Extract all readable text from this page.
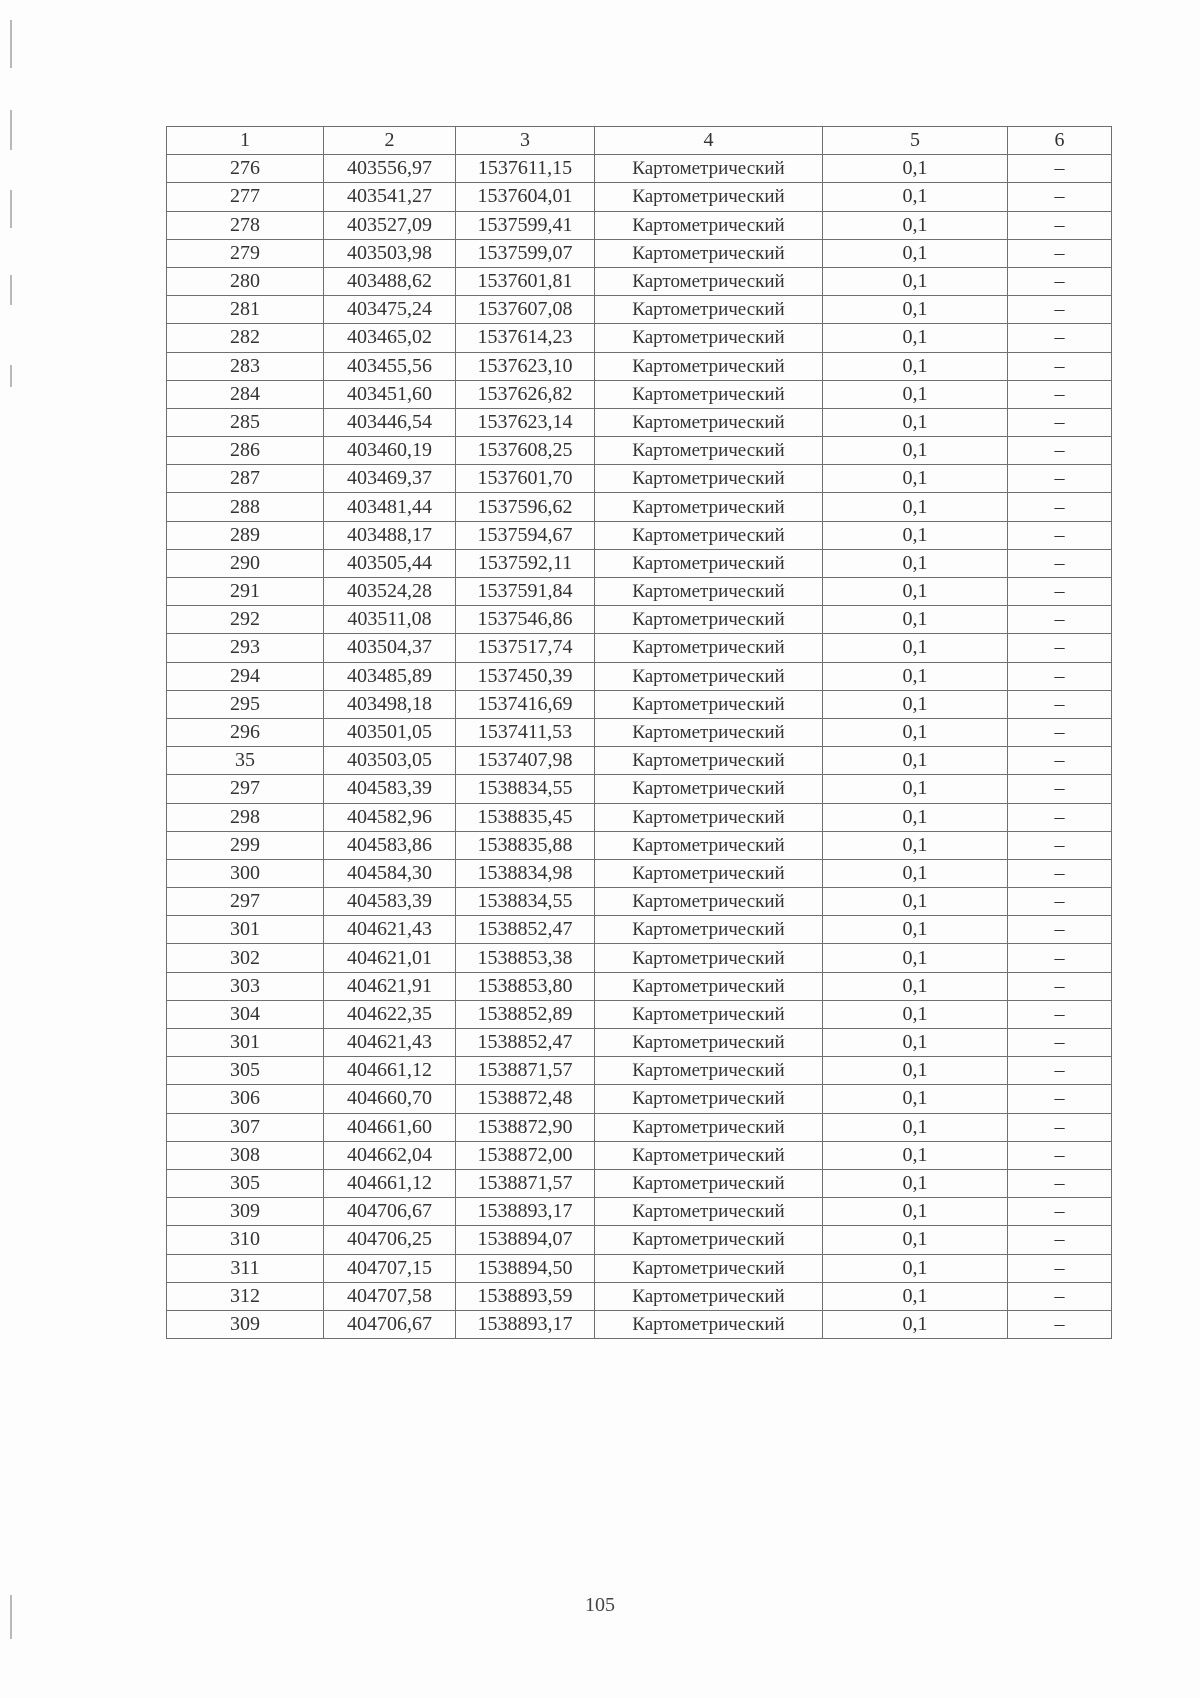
1	2	3	4	5	6
276	403556,97	1537611,15	Картометрический	0,1	–
277	403541,27	1537604,01	Картометрический	0,1	–
278	403527,09	1537599,41	Картометрический	0,1	–
279	403503,98	1537599,07	Картометрический	0,1	–
280	403488,62	1537601,81	Картометрический	0,1	–
281	403475,24	1537607,08	Картометрический	0,1	–
282	403465,02	1537614,23	Картометрический	0,1	–
283	403455,56	1537623,10	Картометрический	0,1	–
284	403451,60	1537626,82	Картометрический	0,1	–
285	403446,54	1537623,14	Картометрический	0,1	–
286	403460,19	1537608,25	Картометрический	0,1	–
287	403469,37	1537601,70	Картометрический	0,1	–
288	403481,44	1537596,62	Картометрический	0,1	–
289	403488,17	1537594,67	Картометрический	0,1	–
290	403505,44	1537592,11	Картометрический	0,1	–
291	403524,28	1537591,84	Картометрический	0,1	–
292	403511,08	1537546,86	Картометрический	0,1	–
293	403504,37	1537517,74	Картометрический	0,1	–
294	403485,89	1537450,39	Картометрический	0,1	–
295	403498,18	1537416,69	Картометрический	0,1	–
296	403501,05	1537411,53	Картометрический	0,1	–
35	403503,05	1537407,98	Картометрический	0,1	–
297	404583,39	1538834,55	Картометрический	0,1	–
298	404582,96	1538835,45	Картометрический	0,1	–
299	404583,86	1538835,88	Картометрический	0,1	–
300	404584,30	1538834,98	Картометрический	0,1	–
297	404583,39	1538834,55	Картометрический	0,1	–
301	404621,43	1538852,47	Картометрический	0,1	–
302	404621,01	1538853,38	Картометрический	0,1	–
303	404621,91	1538853,80	Картометрический	0,1	–
304	404622,35	1538852,89	Картометрический	0,1	–
301	404621,43	1538852,47	Картометрический	0,1	–
305	404661,12	1538871,57	Картометрический	0,1	–
306	404660,70	1538872,48	Картометрический	0,1	–
307	404661,60	1538872,90	Картометрический	0,1	–
308	404662,04	1538872,00	Картометрический	0,1	–
305	404661,12	1538871,57	Картометрический	0,1	–
309	404706,67	1538893,17	Картометрический	0,1	–
310	404706,25	1538894,07	Картометрический	0,1	–
311	404707,15	1538894,50	Картометрический	0,1	–
312	404707,58	1538893,59	Картометрический	0,1	–
309	404706,67	1538893,17	Картометрический	0,1	–
105
